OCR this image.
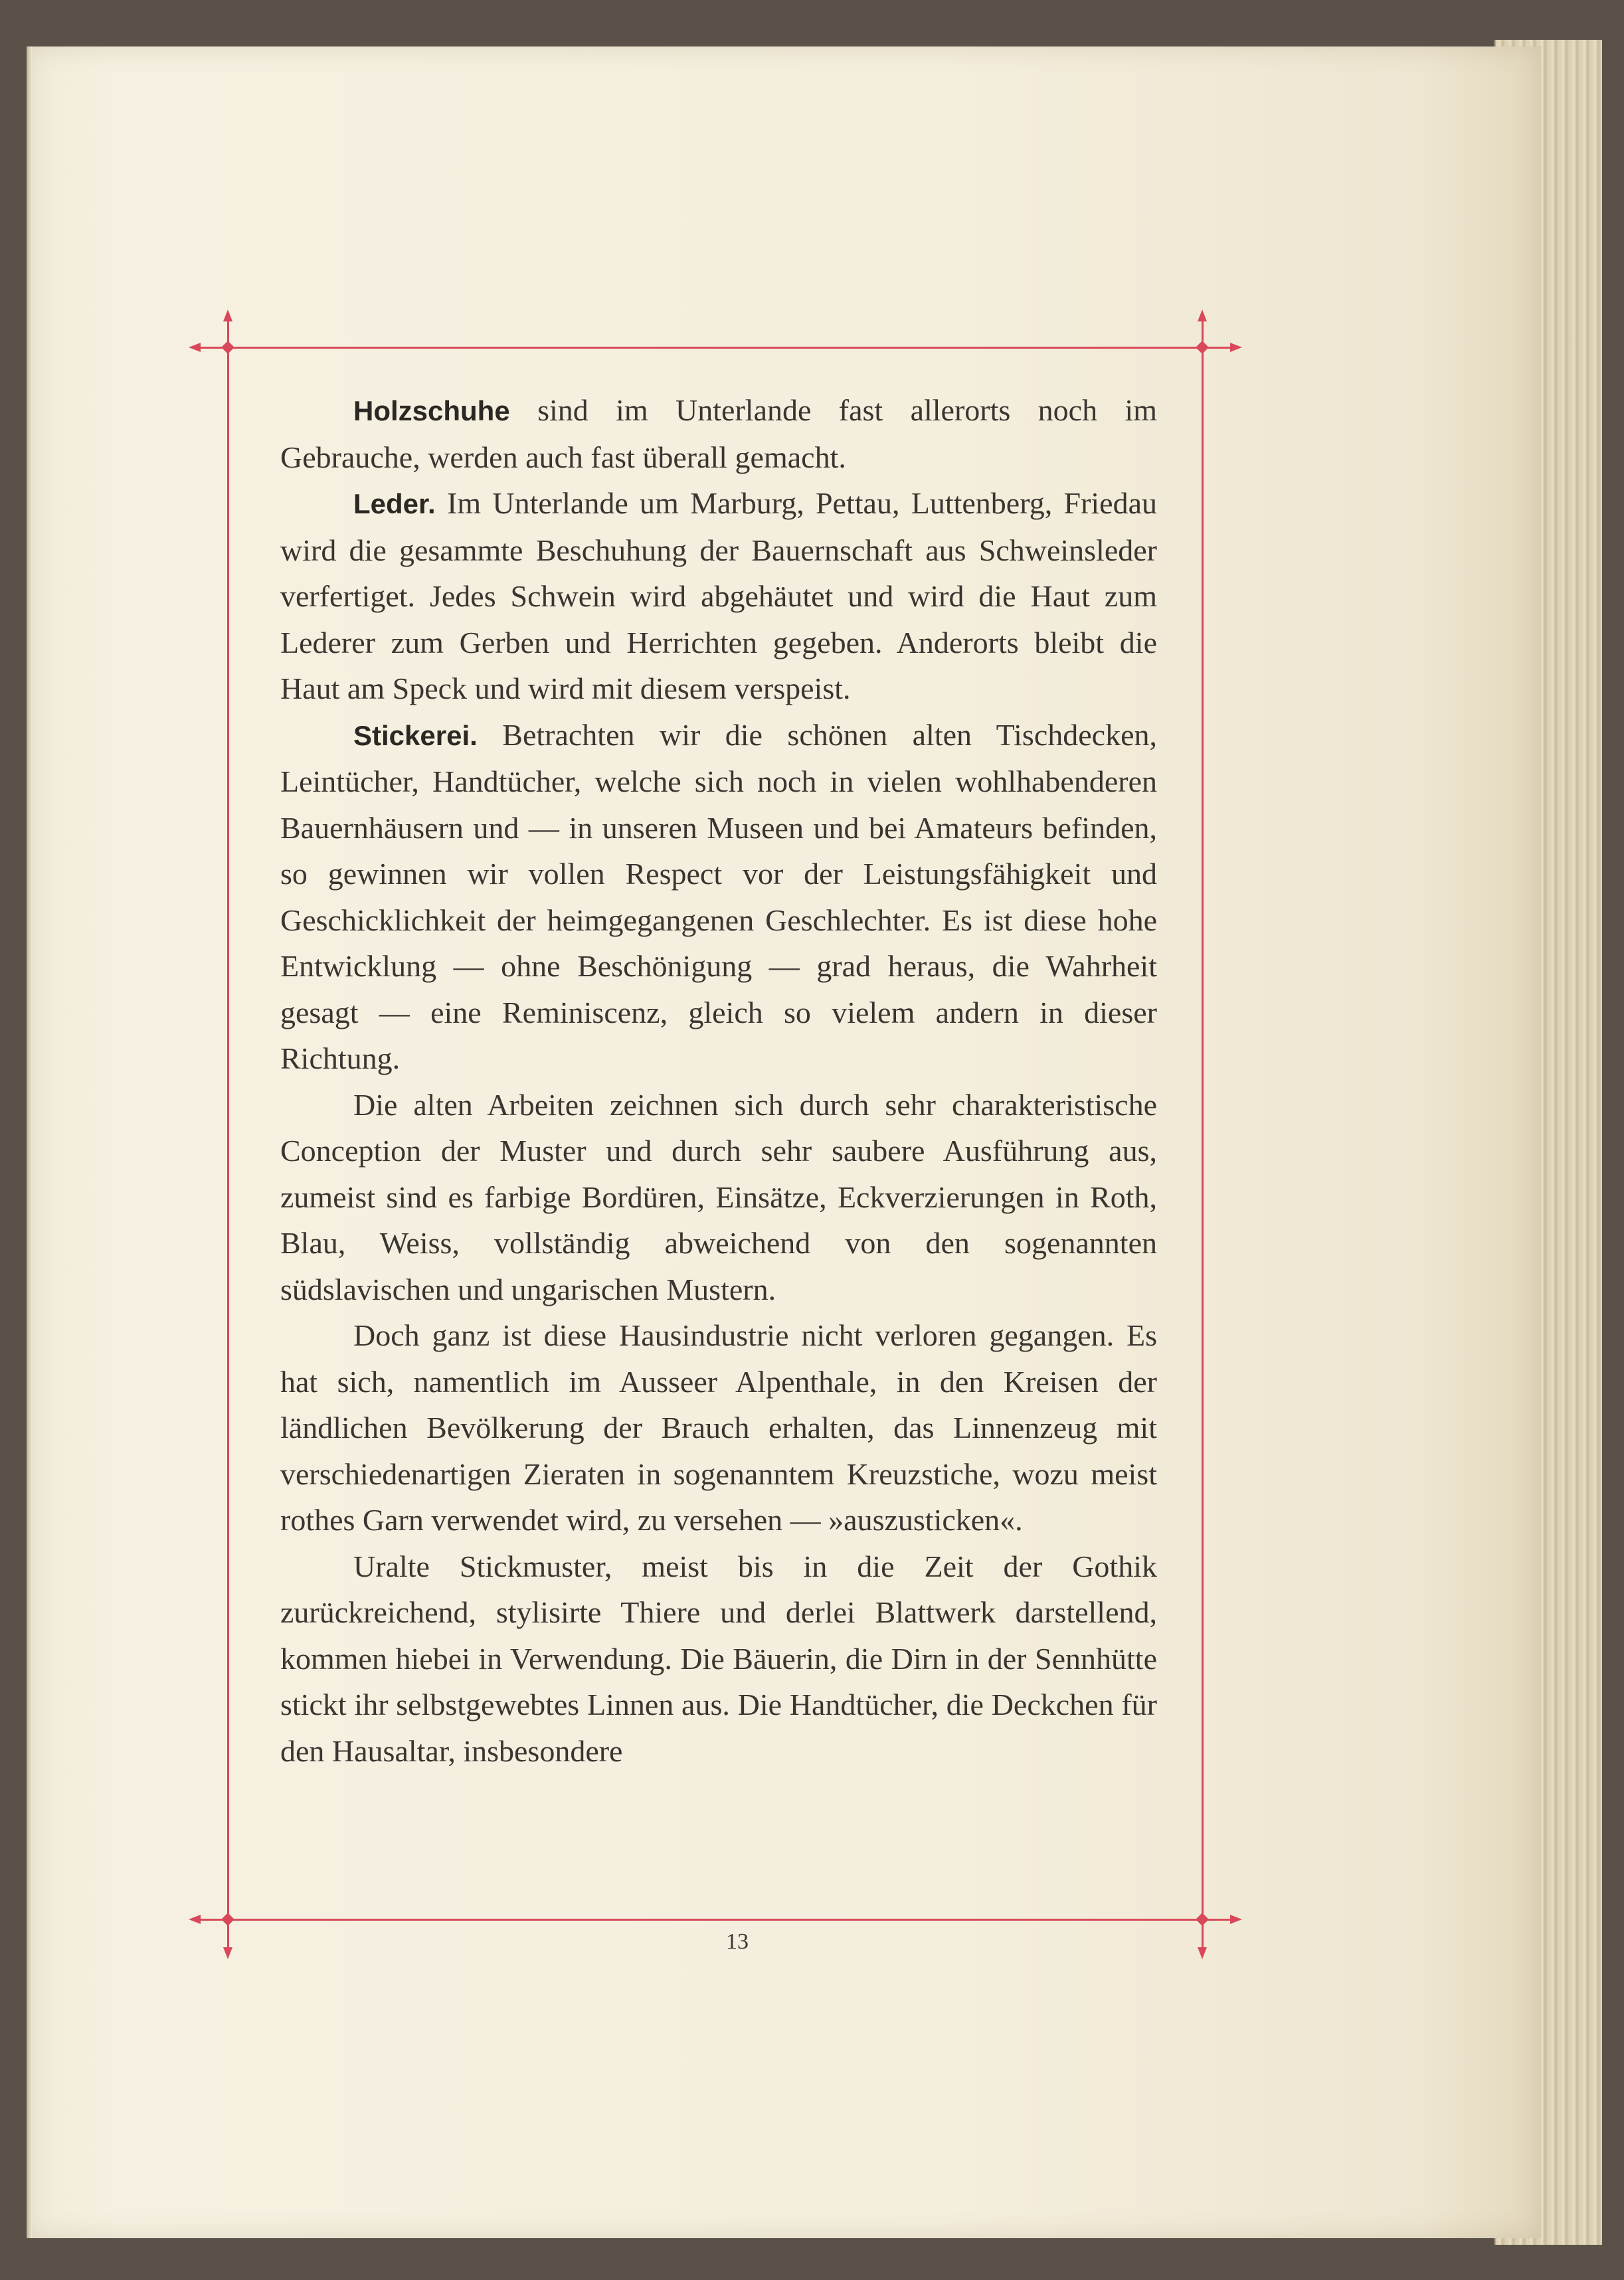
Holzschuhe sind im Unterlande fast allerorts noch im Gebrauche, werden auch fast überall gemacht.

Leder. Im Unterlande um Marburg, Pettau, Luttenberg, Friedau wird die gesammte Beschuhung der Bauernschaft aus Schweinsleder verfertiget. Jedes Schwein wird abgehäutet und wird die Haut zum Lederer zum Gerben und Herrichten gegeben. Anderorts bleibt die Haut am Speck und wird mit diesem verspeist.

Stickerei. Betrachten wir die schönen alten Tischdecken, Leintücher, Handtücher, welche sich noch in vielen wohlhabenderen Bauernhäusern und — in unseren Museen und bei Amateurs befinden, so gewinnen wir vollen Respect vor der Leistungsfähigkeit und Geschicklichkeit der heimgegangenen Geschlechter. Es ist diese hohe Entwicklung — ohne Beschönigung — grad heraus, die Wahrheit gesagt — eine Reminiscenz, gleich so vielem andern in dieser Richtung.

Die alten Arbeiten zeichnen sich durch sehr charakteristische Conception der Muster und durch sehr saubere Ausführung aus, zumeist sind es farbige Bordüren, Einsätze, Eckverzierungen in Roth, Blau, Weiss, vollständig abweichend von den sogenannten südslavischen und ungarischen Mustern.

Doch ganz ist diese Hausindustrie nicht verloren gegangen. Es hat sich, namentlich im Ausseer Alpenthale, in den Kreisen der ländlichen Bevölkerung der Brauch erhalten, das Linnenzeug mit verschiedenartigen Zieraten in sogenanntem Kreuzstiche, wozu meist rothes Garn verwendet wird, zu versehen — »auszusticken«.

Uralte Stickmuster, meist bis in die Zeit der Gothik zurückreichend, stylisirte Thiere und derlei Blattwerk darstellend, kommen hiebei in Verwendung. Die Bäuerin, die Dirn in der Sennhütte stickt ihr selbstgewebtes Linnen aus. Die Handtücher, die Deckchen für den Hausaltar, insbesondere

13
